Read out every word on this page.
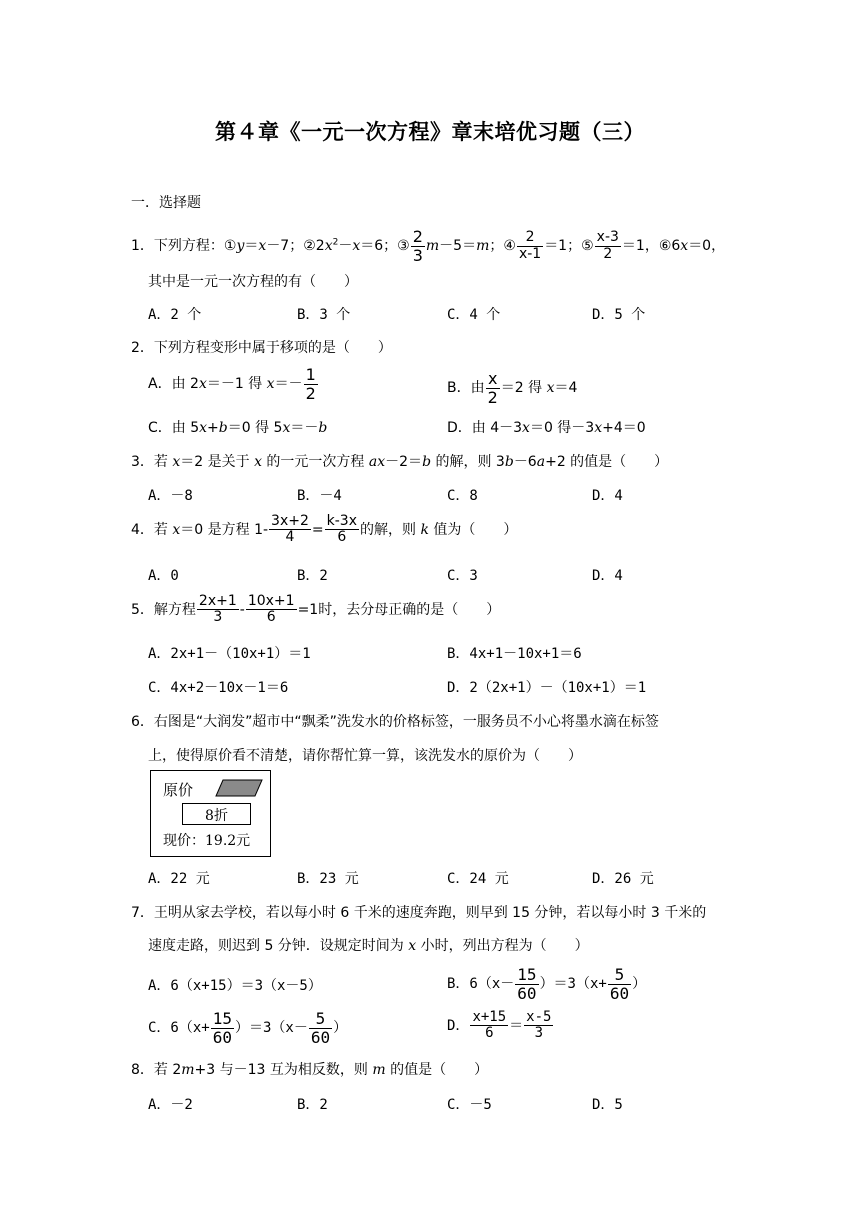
第４章《一元一次方程》章末培优习题（三）
一．选择题
1．下列方程：①y＝x－7；$②2x^2-x=6$；③ $\frac{2}{3} m-5=m$；④ $\frac{2}{x-1} =1$；⑤ $\frac{x-3}{2} =1$，⑥6x＝0，
其中是一元一次方程的有（　　）
A．2 个	B．3 个	C．4 个	D．5 个
2．下列方程变形中属于移项的是（　　）
A．由 2x＝－1 得 $x=- \frac{1}{2}$	B．由 $\frac{x}{2} =2$ 得 x＝4
C．由 5x+b＝0 得 5x＝－b	D．由 4－3x＝0 得－3x+4＝0
3．若 x＝2 是关于 x 的一元一次方程 ax－2＝b 的解，则 3b－6a+2 的值是（　　）
A．－8	B．－4	C．8	D．4
4．若 x＝0 是方程 $1- \frac{3x+2}{4} = \frac{k-3x}{6}$ 的解，则 k 值为（　　）
A．0	B．2	C．3	D．4
5．解方程 $\frac{2x+1}{3} - \frac{10x+1}{6} =1$时，去分母正确的是（　　）
A．2x+1－（10x+1）＝1	B．4x+1－10x+1＝6
C．4x+2－10x－1＝6	D．2（2x+1）－（10x+1）＝1
6．右图是“大润发”超市中“飘柔”洗发水的价格标签，一服务员不小心将墨水滴在标签
上，使得原价看不清楚，请你帮忙算一算，该洗发水的原价为（　　）
原价
8折
现价：19.2元
A．22 元	B．23 元	C．24 元	D．26 元
7．王明从家去学校，若以每小时 6 千米的速度奔跑，则早到 15 分钟，若以每小时 3 千米的
速度走路，则迟到 5 分钟．设规定时间为 x 小时，列出方程为（　　）
A．6（x+15）＝3（x－5）	B．$6(x- \frac{15}{60} )=3(x+ \frac{5}{60}$ ）
C．$6(x+ \frac{15}{60} )=3(x- \frac{5}{60}$ ）	D． $\frac{x+15}{6} = \frac{x-5}{3}$
8．若 2m+3 与－13 互为相反数，则 m 的值是（　　）
A．－2	B．2	C．－5	D．5
